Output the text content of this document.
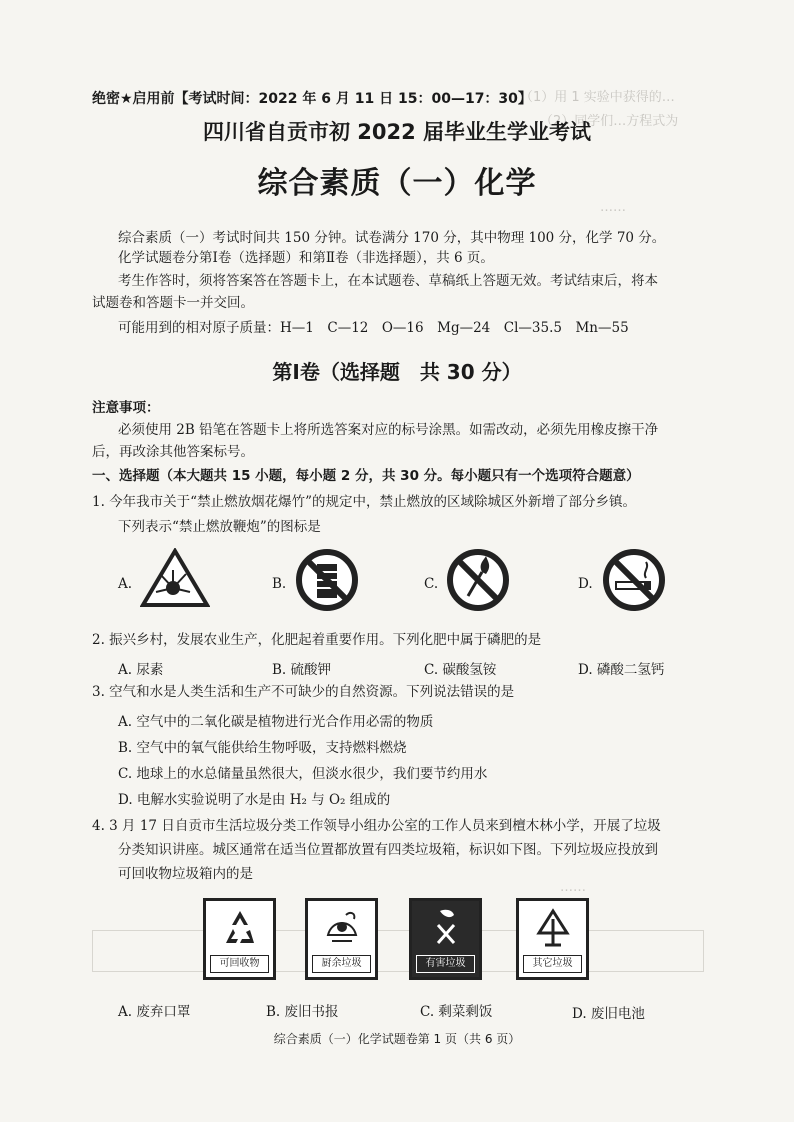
（1）用 1 实验中获得的…
（2）同学们…方程式为
……
……
绝密★启用前【考试时间：2022 年 6 月 11 日 15：00—17：30】
四川省自贡市初 2022 届毕业生学业考试
综合素质（一）化学
综合素质（一）考试时间共 150 分钟。试卷满分 170 分，其中物理 100 分，化学 70 分。
化学试题卷分第Ⅰ卷（选择题）和第Ⅱ卷（非选择题），共 6 页。
考生作答时，须将答案答在答题卡上，在本试题卷、草稿纸上答题无效。考试结束后，将本
试题卷和答题卡一并交回。
可能用到的相对原子质量：H—1　C—12　O—16　Mg—24　Cl—35.5　Mn—55
第Ⅰ卷（选择题　共 30 分）
注意事项：
必须使用 2B 铅笔在答题卡上将所选答案对应的标号涂黑。如需改动，必须先用橡皮擦干净
后，再改涂其他答案标号。
一、选择题（本大题共 15 小题，每小题 2 分，共 30 分。每小题只有一个选项符合题意）
1. 今年我市关于“禁止燃放烟花爆竹”的规定中，禁止燃放的区域除城区外新增了部分乡镇。
下列表示“禁止燃放鞭炮”的图标是
A.	B.	C.	D.
2. 振兴乡村，发展农业生产，化肥起着重要作用。下列化肥中属于磷肥的是
A. 尿素	B. 硫酸钾	C. 碳酸氢铵	D. 磷酸二氢钙
3. 空气和水是人类生活和生产不可缺少的自然资源。下列说法错误的是
A. 空气中的二氧化碳是植物进行光合作用必需的物质
B. 空气中的氧气能供给生物呼吸，支持燃料燃烧
C. 地球上的水总储量虽然很大，但淡水很少，我们要节约用水
D. 电解水实验说明了水是由 H₂ 与 O₂ 组成的
4. 3 月 17 日自贡市生活垃圾分类工作领导小组办公室的工作人员来到檀木林小学，开展了垃圾
分类知识讲座。城区通常在适当位置都放置有四类垃圾箱，标识如下图。下列垃圾应投放到
可回收物垃圾箱内的是
可回收物	厨余垃圾	有害垃圾	其它垃圾
A. 废弃口罩	B. 废旧书报	C. 剩菜剩饭	D. 废旧电池
综合素质（一）化学试题卷第 1 页（共 6 页）
